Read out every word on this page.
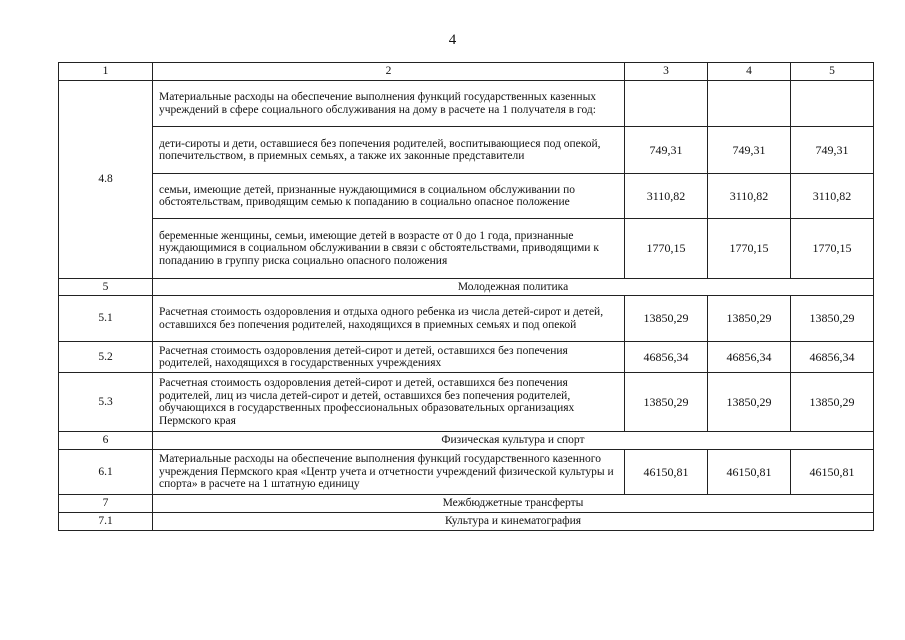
4
1	2	3	4	5
4.8	Материальные расходы на обеспечение выполнения функций государственных казенных учреждений в сфере социального обслуживания на дому в расчете на 1 получателя в год:			
	дети-сироты и дети, оставшиеся без попечения родителей, воспитывающиеся под опекой, попечительством, в приемных семьях, а также их законные представители	749,31	749,31	749,31
	семьи, имеющие детей, признанные нуждающимися в социальном обслуживании по обстоятельствам, приводящим семью к попаданию в социально опасное положение	3110,82	3110,82	3110,82
	беременные женщины, семьи, имеющие детей в возрасте от 0 до 1 года, признанные нуждающимися в социальном обслуживании в связи с обстоятельствами, приводящими к попаданию в группу риска социально опасного положения	1770,15	1770,15	1770,15
5	Молодежная политика			
5.1	Расчетная стоимость оздоровления и отдыха одного ребенка из числа детей-сирот и детей, оставшихся без попечения родителей, находящихся в приемных семьях и под опекой	13850,29	13850,29	13850,29
5.2	Расчетная стоимость оздоровления детей-сирот и детей, оставшихся без попечения родителей, находящихся в государственных учреждениях	46856,34	46856,34	46856,34
5.3	Расчетная стоимость оздоровления детей-сирот и детей, оставшихся без попечения родителей, лиц из числа детей-сирот и детей, оставшихся без попечения родителей, обучающихся в государственных профессиональных образовательных организациях Пермского края	13850,29	13850,29	13850,29
6	Физическая культура и спорт			
6.1	Материальные расходы на обеспечение выполнения функций государственного казенного учреждения Пермского края «Центр учета и отчетности учреждений физической культуры и спорта» в расчете на 1 штатную единицу	46150,81	46150,81	46150,81
7	Межбюджетные трансферты			
7.1	Культура и кинематография			
